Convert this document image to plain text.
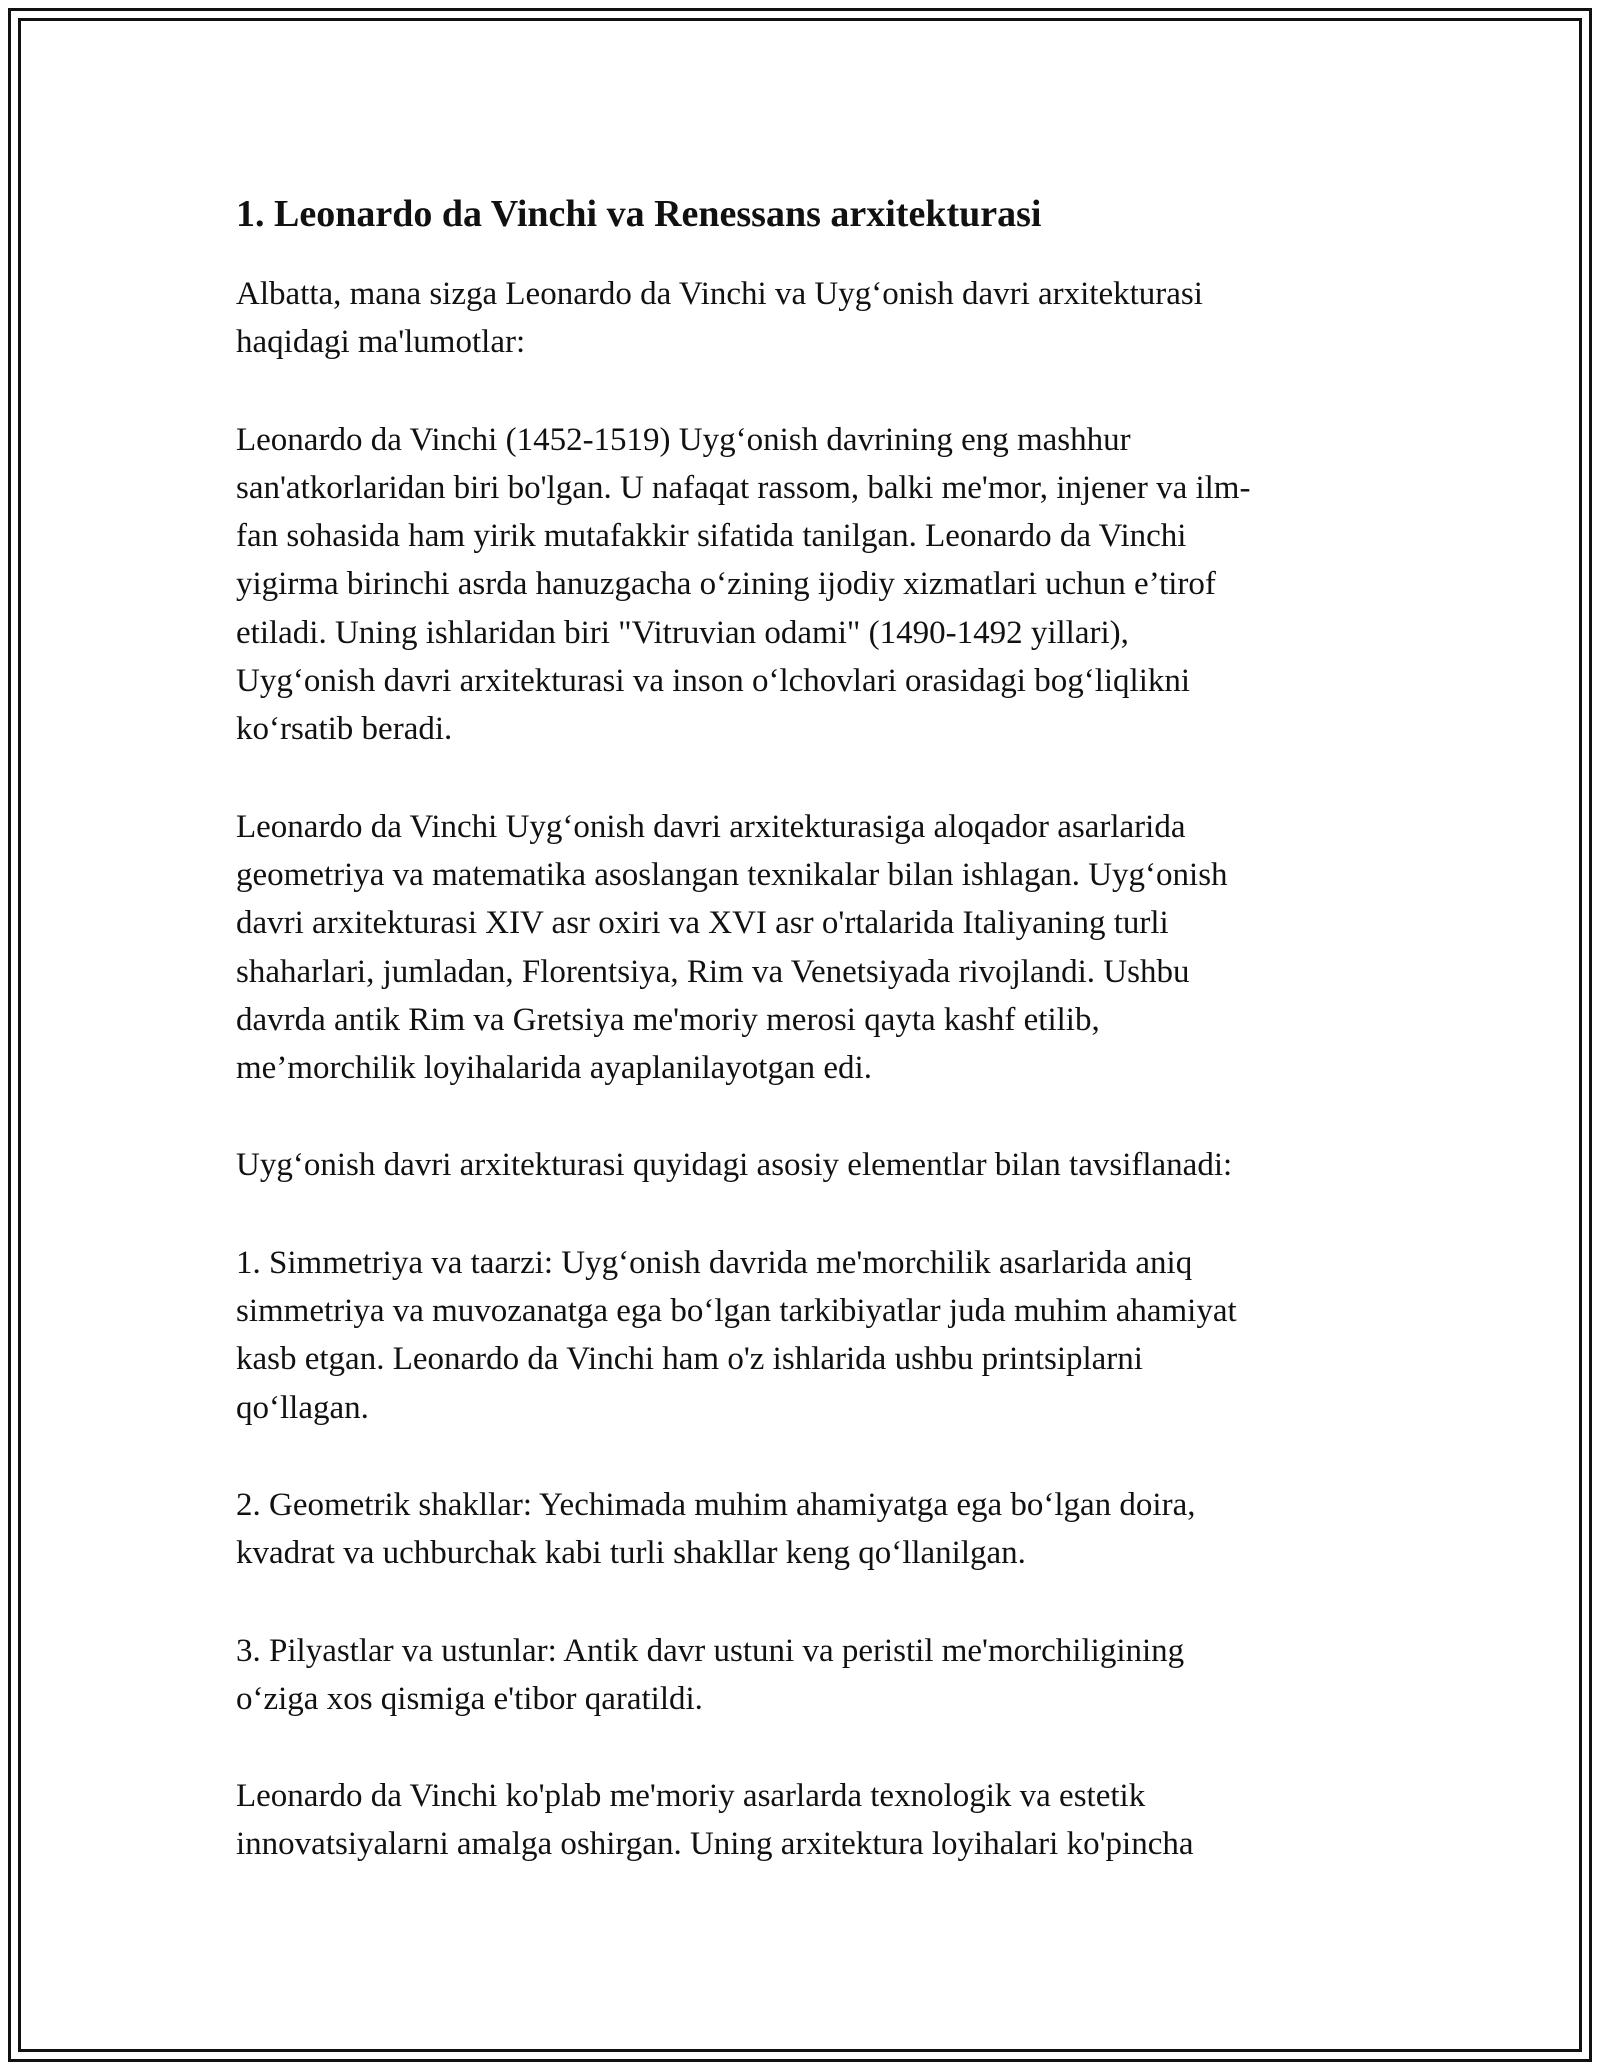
1. Leonardo da Vinchi va Renessans arxitekturasi
Albatta, mana sizga Leonardo da Vinchi va Uyg‘onish davri arxitekturasi
haqidagi ma'lumotlar:
Leonardo da Vinchi (1452-1519) Uyg‘onish davrining eng mashhur
san'atkorlaridan biri bo'lgan. U nafaqat rassom, balki me'mor, injener va ilm-
fan sohasida ham yirik mutafakkir sifatida tanilgan. Leonardo da Vinchi
yigirma birinchi asrda hanuzgacha o‘zining ijodiy xizmatlari uchun e’tirof
etiladi. Uning ishlaridan biri "Vitruvian odami" (1490-1492 yillari),
Uyg‘onish davri arxitekturasi va inson o‘lchovlari orasidagi bog‘liqlikni
ko‘rsatib beradi.
Leonardo da Vinchi Uyg‘onish davri arxitekturasiga aloqador asarlarida
geometriya va matematika asoslangan texnikalar bilan ishlagan. Uyg‘onish
davri arxitekturasi XIV asr oxiri va XVI asr o'rtalarida Italiyaning turli
shaharlari, jumladan, Florentsiya, Rim va Venetsiyada rivojlandi. Ushbu
davrda antik Rim va Gretsiya me'moriy merosi qayta kashf etilib,
me’morchilik loyihalarida ayaplanilayotgan edi.
Uyg‘onish davri arxitekturasi quyidagi asosiy elementlar bilan tavsiflanadi:
1. Simmetriya va taarzi: Uyg‘onish davrida me'morchilik asarlarida aniq
simmetriya va muvozanatga ega bo‘lgan tarkibiyatlar juda muhim ahamiyat
kasb etgan. Leonardo da Vinchi ham o'z ishlarida ushbu printsiplarni
qo‘llagan.
2. Geometrik shakllar: Yechimada muhim ahamiyatga ega bo‘lgan doira,
kvadrat va uchburchak kabi turli shakllar keng qo‘llanilgan.
3. Pilyastlar va ustunlar: Antik davr ustuni va peristil me'morchiligining
o‘ziga xos qismiga e'tibor qaratildi.
Leonardo da Vinchi ko'plab me'moriy asarlarda texnologik va estetik
innovatsiyalarni amalga oshirgan. Uning arxitektura loyihalari ko'pincha
